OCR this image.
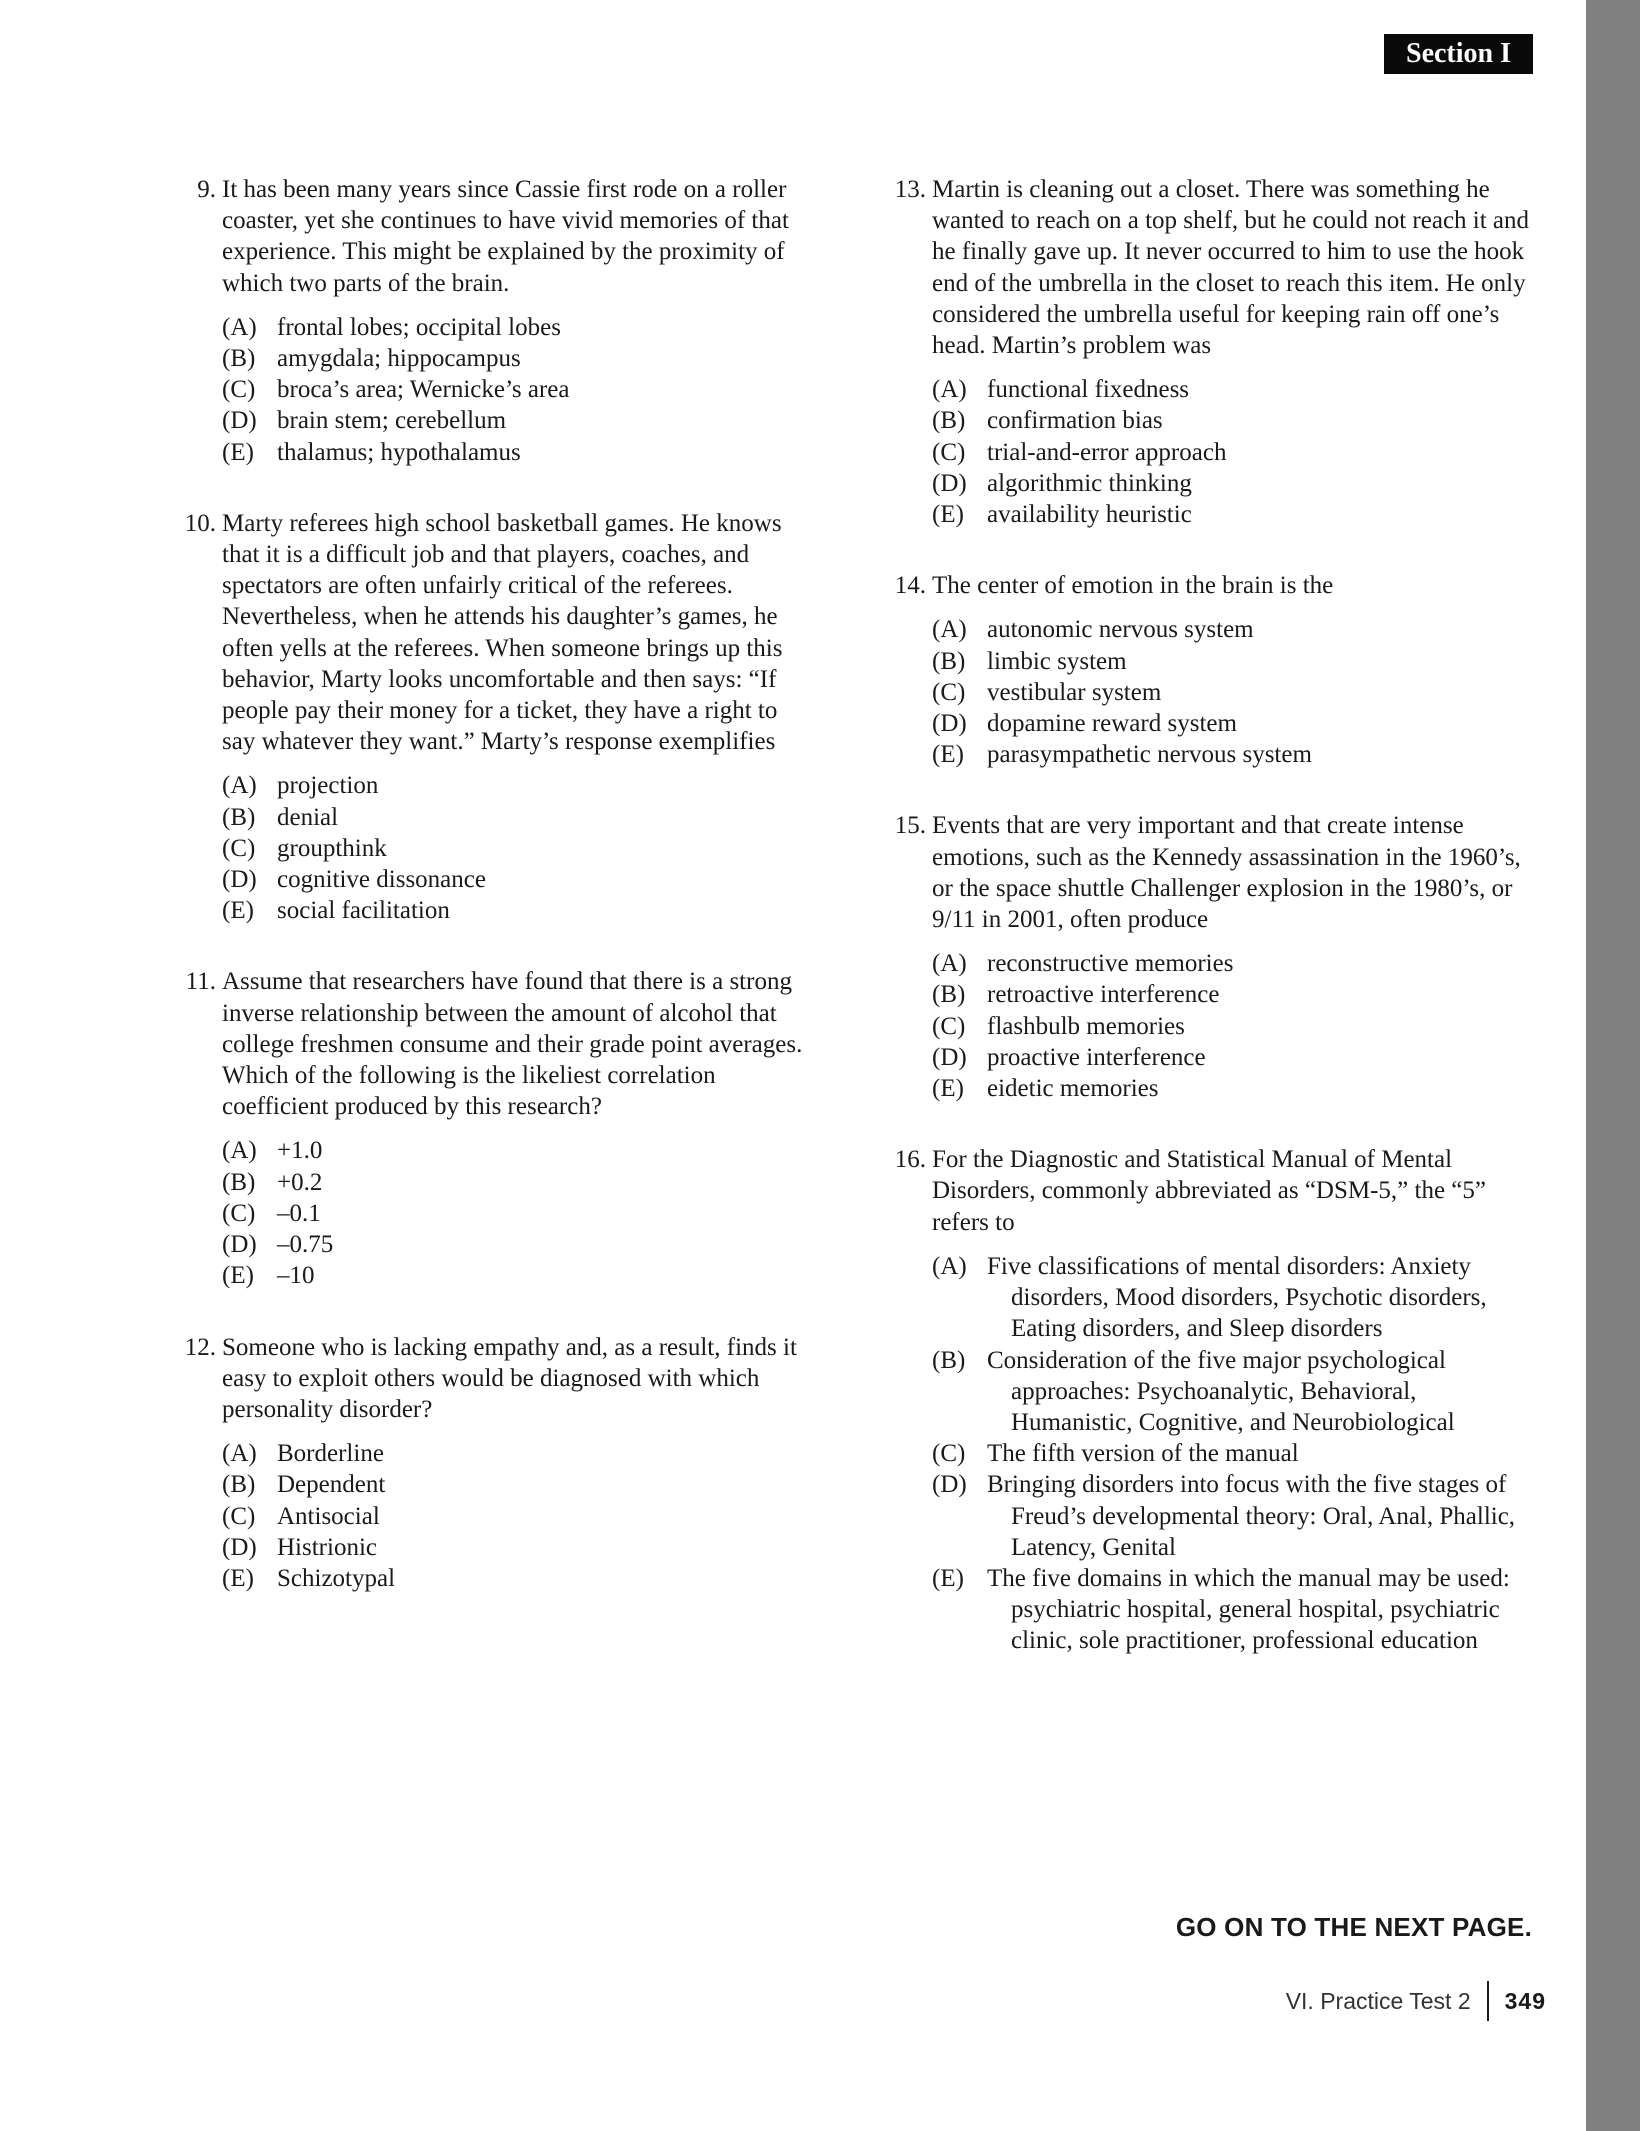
Section I
9. It has been many years since Cassie first rode on a roller coaster, yet she continues to have vivid memories of that experience. This might be explained by the proximity of which two parts of the brain.

(A) frontal lobes; occipital lobes
(B) amygdala; hippocampus
(C) broca’s area; Wernicke’s area
(D) brain stem; cerebellum
(E) thalamus; hypothalamus
10. Marty referees high school basketball games. He knows that it is a difficult job and that players, coaches, and spectators are often unfairly critical of the referees. Nevertheless, when he attends his daughter’s games, he often yells at the referees. When someone brings up this behavior, Marty looks uncomfortable and then says: “If people pay their money for a ticket, they have a right to say whatever they want.” Marty’s response exemplifies

(A) projection
(B) denial
(C) groupthink
(D) cognitive dissonance
(E) social facilitation
11. Assume that researchers have found that there is a strong inverse relationship between the amount of alcohol that college freshmen consume and their grade point averages. Which of the following is the likeliest correlation coefficient produced by this research?

(A) +1.0
(B) +0.2
(C) –0.1
(D) –0.75
(E) –10
12. Someone who is lacking empathy and, as a result, finds it easy to exploit others would be diagnosed with which personality disorder?

(A) Borderline
(B) Dependent
(C) Antisocial
(D) Histrionic
(E) Schizotypal
13. Martin is cleaning out a closet. There was something he wanted to reach on a top shelf, but he could not reach it and he finally gave up. It never occurred to him to use the hook end of the umbrella in the closet to reach this item. He only considered the umbrella useful for keeping rain off one’s head. Martin’s problem was

(A) functional fixedness
(B) confirmation bias
(C) trial-and-error approach
(D) algorithmic thinking
(E) availability heuristic
14. The center of emotion in the brain is the

(A) autonomic nervous system
(B) limbic system
(C) vestibular system
(D) dopamine reward system
(E) parasympathetic nervous system
15. Events that are very important and that create intense emotions, such as the Kennedy assassination in the 1960’s, or the space shuttle Challenger explosion in the 1980’s, or 9/11 in 2001, often produce

(A) reconstructive memories
(B) retroactive interference
(C) flashbulb memories
(D) proactive interference
(E) eidetic memories
16. For the Diagnostic and Statistical Manual of Mental Disorders, commonly abbreviated as “DSM-5,” the “5” refers to

(A) Five classifications of mental disorders: Anxiety disorders, Mood disorders, Psychotic disorders, Eating disorders, and Sleep disorders
(B) Consideration of the five major psychological approaches: Psychoanalytic, Behavioral, Humanistic, Cognitive, and Neurobiological
(C) The fifth version of the manual
(D) Bringing disorders into focus with the five stages of Freud’s developmental theory: Oral, Anal, Phallic, Latency, Genital
(E) The five domains in which the manual may be used: psychiatric hospital, general hospital, psychiatric clinic, sole practitioner, professional education
GO ON TO THE NEXT PAGE.
VI. Practice Test 2 349
